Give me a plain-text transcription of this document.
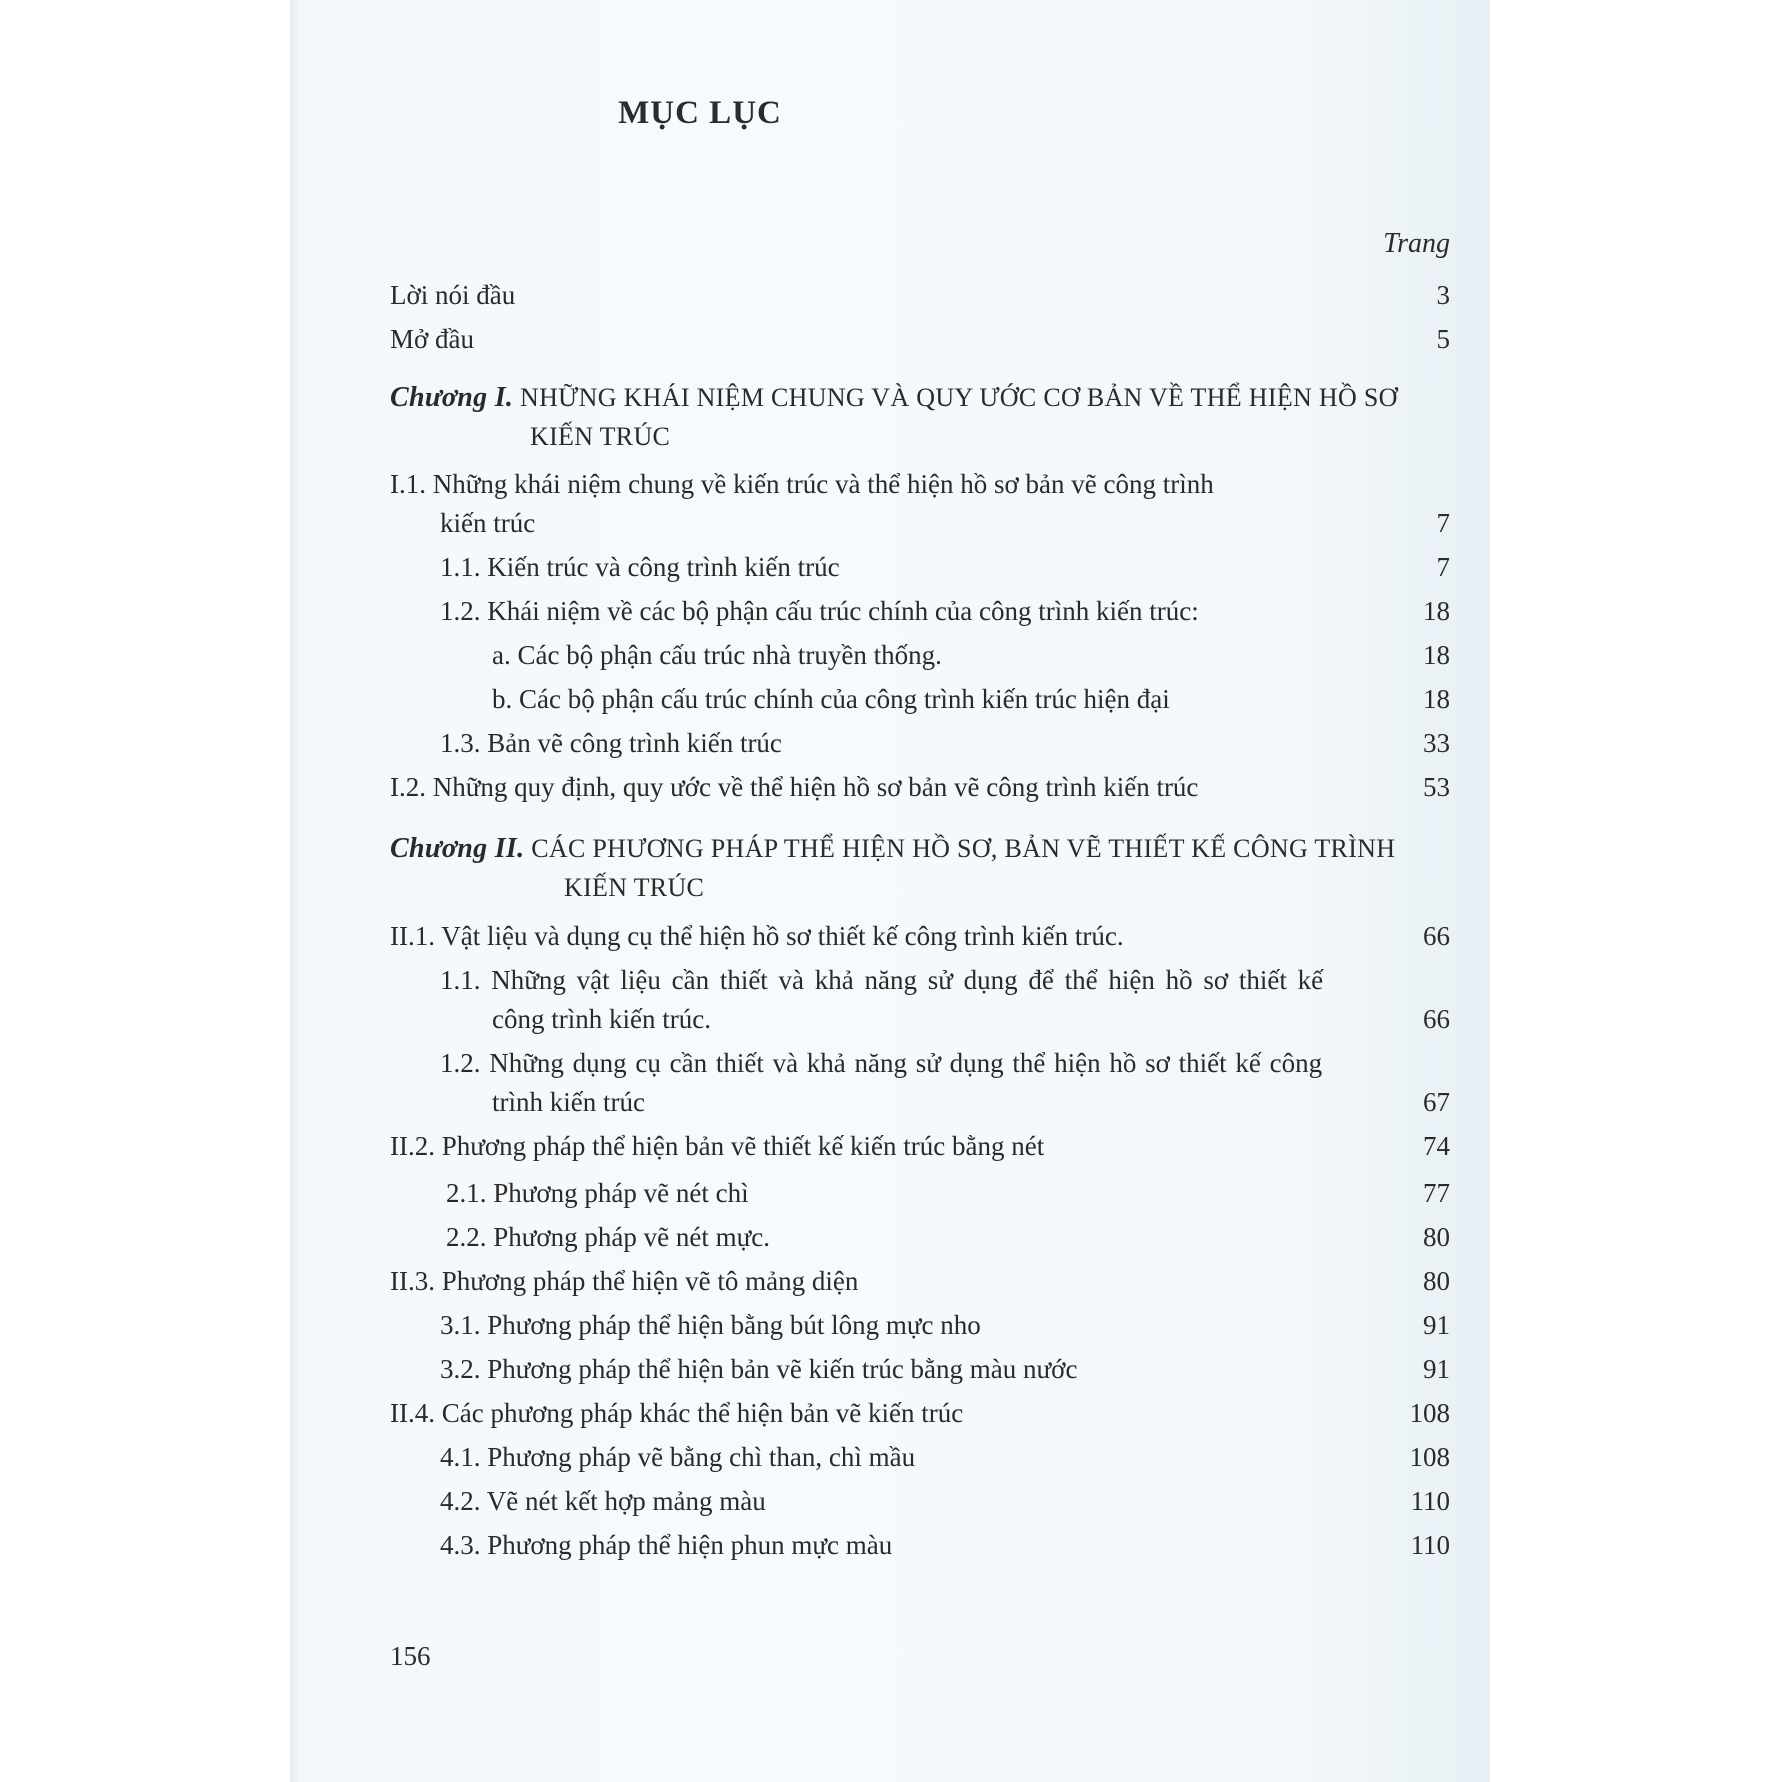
MỤC LỤC
Trang
Lời nói đầu	3
Mở đầu	5
Chương I. NHỮNG KHÁI NIỆM CHUNG VÀ QUY ƯỚC CƠ BẢN VỀ THỂ HIỆN HỒ SƠ
KIẾN TRÚC
I.1. Những khái niệm chung về kiến trúc và thể hiện hồ sơ bản vẽ công trình
kiến trúc	7
1.1. Kiến trúc và công trình kiến trúc	7
1.2. Khái niệm về các bộ phận cấu trúc chính của công trình kiến trúc:	18
a. Các bộ phận cấu trúc nhà truyền thống.	18
b. Các bộ phận cấu trúc chính của công trình kiến trúc hiện đại	18
1.3. Bản vẽ công trình kiến trúc	33
I.2. Những quy định, quy ước về thể hiện hồ sơ bản vẽ công trình kiến trúc	53
Chương II. CÁC PHƯƠNG PHÁP THỂ HIỆN HỒ SƠ, BẢN VẼ THIẾT KẾ CÔNG TRÌNH
KIẾN TRÚC
II.1. Vật liệu và dụng cụ thể hiện hồ sơ thiết kế công trình kiến trúc.	66
1.1. Những vật liệu cần thiết và khả năng sử dụng để thể hiện hồ sơ thiết kế
công trình kiến trúc.	66
1.2. Những dụng cụ cần thiết và khả năng sử dụng thể hiện hồ sơ thiết kế công
trình kiến trúc	67
II.2. Phương pháp thể hiện bản vẽ thiết kế kiến trúc bằng nét	74
2.1. Phương pháp vẽ nét chì	77
2.2. Phương pháp vẽ nét mực.	80
II.3. Phương pháp thể hiện vẽ tô mảng diện	80
3.1. Phương pháp thể hiện bằng bút lông mực nho	91
3.2. Phương pháp thể hiện bản vẽ kiến trúc bằng màu nước	91
II.4. Các phương pháp khác thể hiện bản vẽ kiến trúc	108
4.1. Phương pháp vẽ bằng chì than, chì mầu	108
4.2. Vẽ nét kết hợp mảng màu	110
4.3. Phương pháp thể hiện phun mực màu	110
156
